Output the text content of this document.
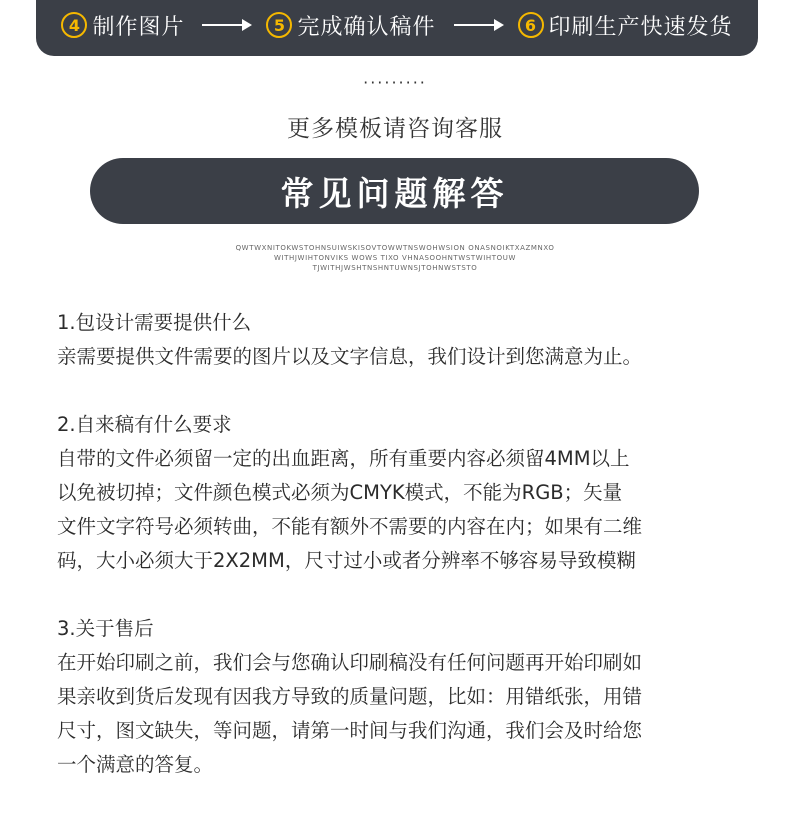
4 制作图片	5 完成确认稿件	6 印刷生产快速发货
·········
更多模板请咨询客服
常见问题解答
QWTWXNITOKWSTOHNSUIWSKISOVTOWWTNSWOHWSION ONASNOIKTXAZMNXO
WITHJWIHTONVIKS WOWS TIXO VHNASOOHNTWSTWIHTOUW
TJWITHJWSHTNSHNTUWNSJTOHNWSTSTO
1.包设计需要提供什么

亲需要提供文件需要的图片以及文字信息，我们设计到您满意为止。

2.自来稿有什么要求

自带的文件必须留一定的出血距离，所有重要内容必须留4MM以上

以免被切掉；文件颜色模式必须为CMYK模式，不能为RGB；矢量

文件文字符号必须转曲，不能有额外不需要的内容在内；如果有二维

码，大小必须大于2X2MM，尺寸过小或者分辨率不够容易导致模糊

3.关于售后

在开始印刷之前，我们会与您确认印刷稿没有任何问题再开始印刷如

果亲收到货后发现有因我方导致的质量问题，比如：用错纸张，用错

尺寸，图文缺失，等问题，请第一时间与我们沟通，我们会及时给您

一个满意的答复。
